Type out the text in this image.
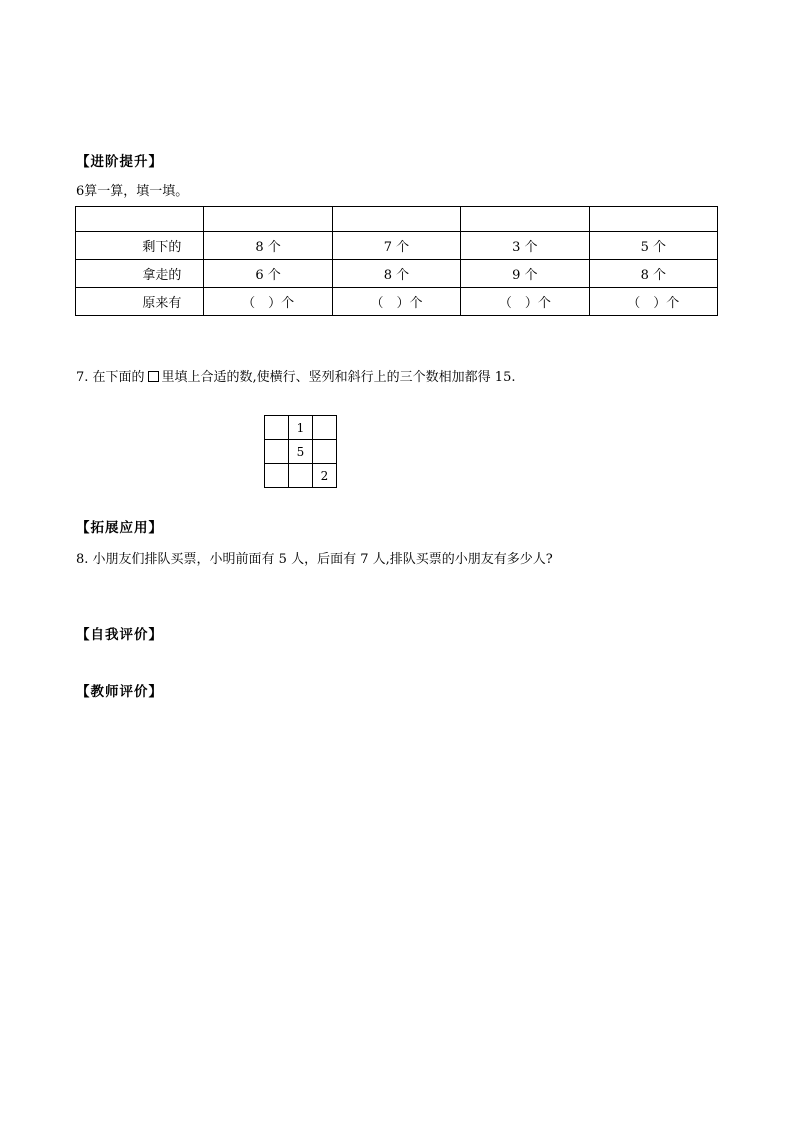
【进阶提升】
6算一算，填一填。

剩下的	8 个	7 个	3 个	5 个
拿走的	6 个	8 个	9 个	8 个
原来有	（　）个	（　）个	（　）个	（　）个
7. 在下面的 里填上合适的数,使横行、竖列和斜行上的三个数相加都得 15.
	1	
	5	
		2
【拓展应用】
8. 小朋友们排队买票，小明前面有 5 人，后面有 7 人,排队买票的小朋友有多少人?
【自我评价】
【教师评价】
